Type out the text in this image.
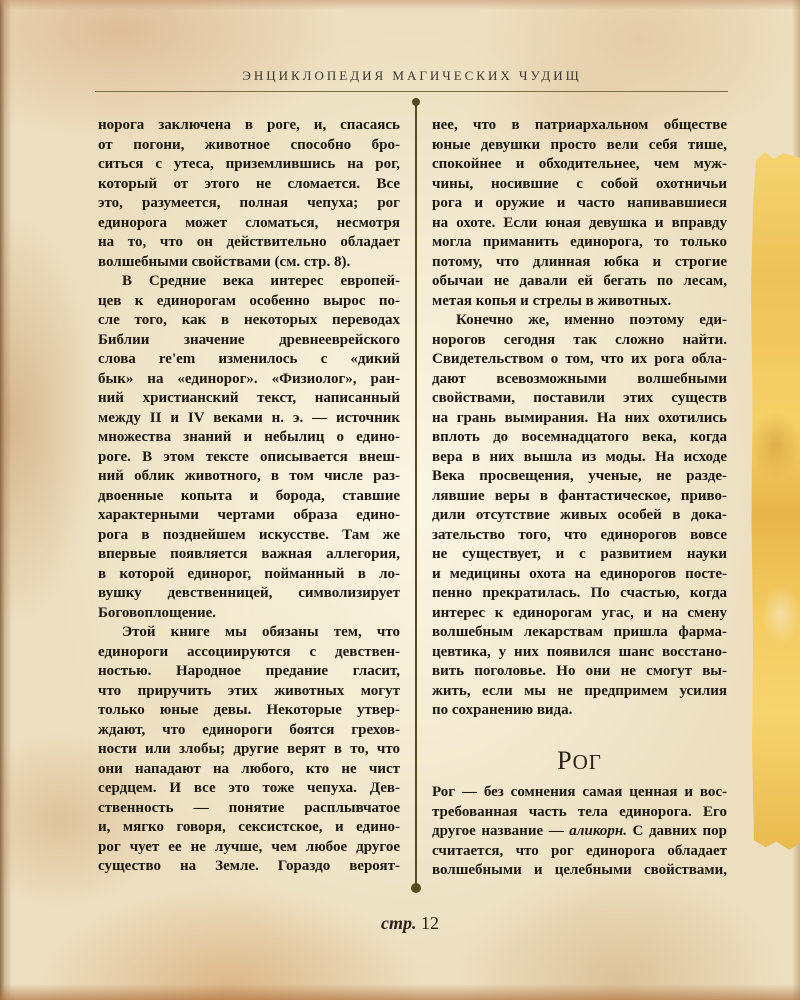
ЭНЦИКЛОПЕДИЯ МАГИЧЕСКИХ ЧУДИЩ
норога заключена в роге, и, спасаясь
от погони, животное способно бро-
ситься с утеса, приземлившись на рог,
который от этого не сломается. Все
это, разумеется, полная чепуха; рог
единорога может сломаться, несмотря
на то, что он действительно обладает
волшебными свойствами (см. стр. 8).
В Средние века интерес европей-
цев к единорогам особенно вырос по-
сле того, как в некоторых переводах
Библии значение древнееврейского
слова re'em изменилось с «дикий
бык» на «единорог». «Физиолог», ран-
ний христианский текст, написанный
между II и IV веками н. э. — источник
множества знаний и небылиц о едино-
роге. В этом тексте описывается внеш-
ний облик животного, в том числе раз-
двоенные копыта и борода, ставшие
характерными чертами образа едино-
рога в позднейшем искусстве. Там же
впервые появляется важная аллегория,
в которой единорог, пойманный в ло-
вушку девственницей, символизирует
Боговоплощение.
Этой книге мы обязаны тем, что
единороги ассоциируются с девствен-
ностью. Народное предание гласит,
что приручить этих животных могут
только юные девы. Некоторые утвер-
ждают, что единороги боятся грехов-
ности или злобы; другие верят в то, что
они нападают на любого, кто не чист
сердцем. И все это тоже чепуха. Дев-
ственность — понятие расплывчатое
и, мягко говоря, сексистское, и едино-
рог чует ее не лучше, чем любое другое
существо на Земле. Гораздо вероят-
нее, что в патриархальном обществе
юные девушки просто вели себя тише,
спокойнее и обходительнее, чем муж-
чины, носившие с собой охотничьи
рога и оружие и часто напивавшиеся
на охоте. Если юная девушка и вправду
могла приманить единорога, то только
потому, что длинная юбка и строгие
обычаи не давали ей бегать по лесам,
метая копья и стрелы в животных.
Конечно же, именно поэтому еди-
норогов сегодня так сложно найти.
Свидетельством о том, что их рога обла-
дают всевозможными волшебными
свойствами, поставили этих существ
на грань вымирания. На них охотились
вплоть до восемнадцатого века, когда
вера в них вышла из моды. На исходе
Века просвещения, ученые, не разде-
лявшие веры в фантастическое, приво-
дили отсутствие живых особей в дока-
зательство того, что единорогов вовсе
не существует, и с развитием науки
и медицины охота на единорогов посте-
пенно прекратилась. По счастью, когда
интерес к единорогам угас, и на смену
волшебным лекарствам пришла фарма-
цевтика, у них появился шанс восстано-
вить поголовье. Но они не смогут вы-
жить, если мы не предпримем усилия
по сохранению вида.
РОГ
Рог — без сомнения самая ценная и вос-
требованная часть тела единорога. Его
другое название — аликорн. С давних пор
считается, что рог единорога обладает
волшебными и целебными свойствами,
стр. 12
